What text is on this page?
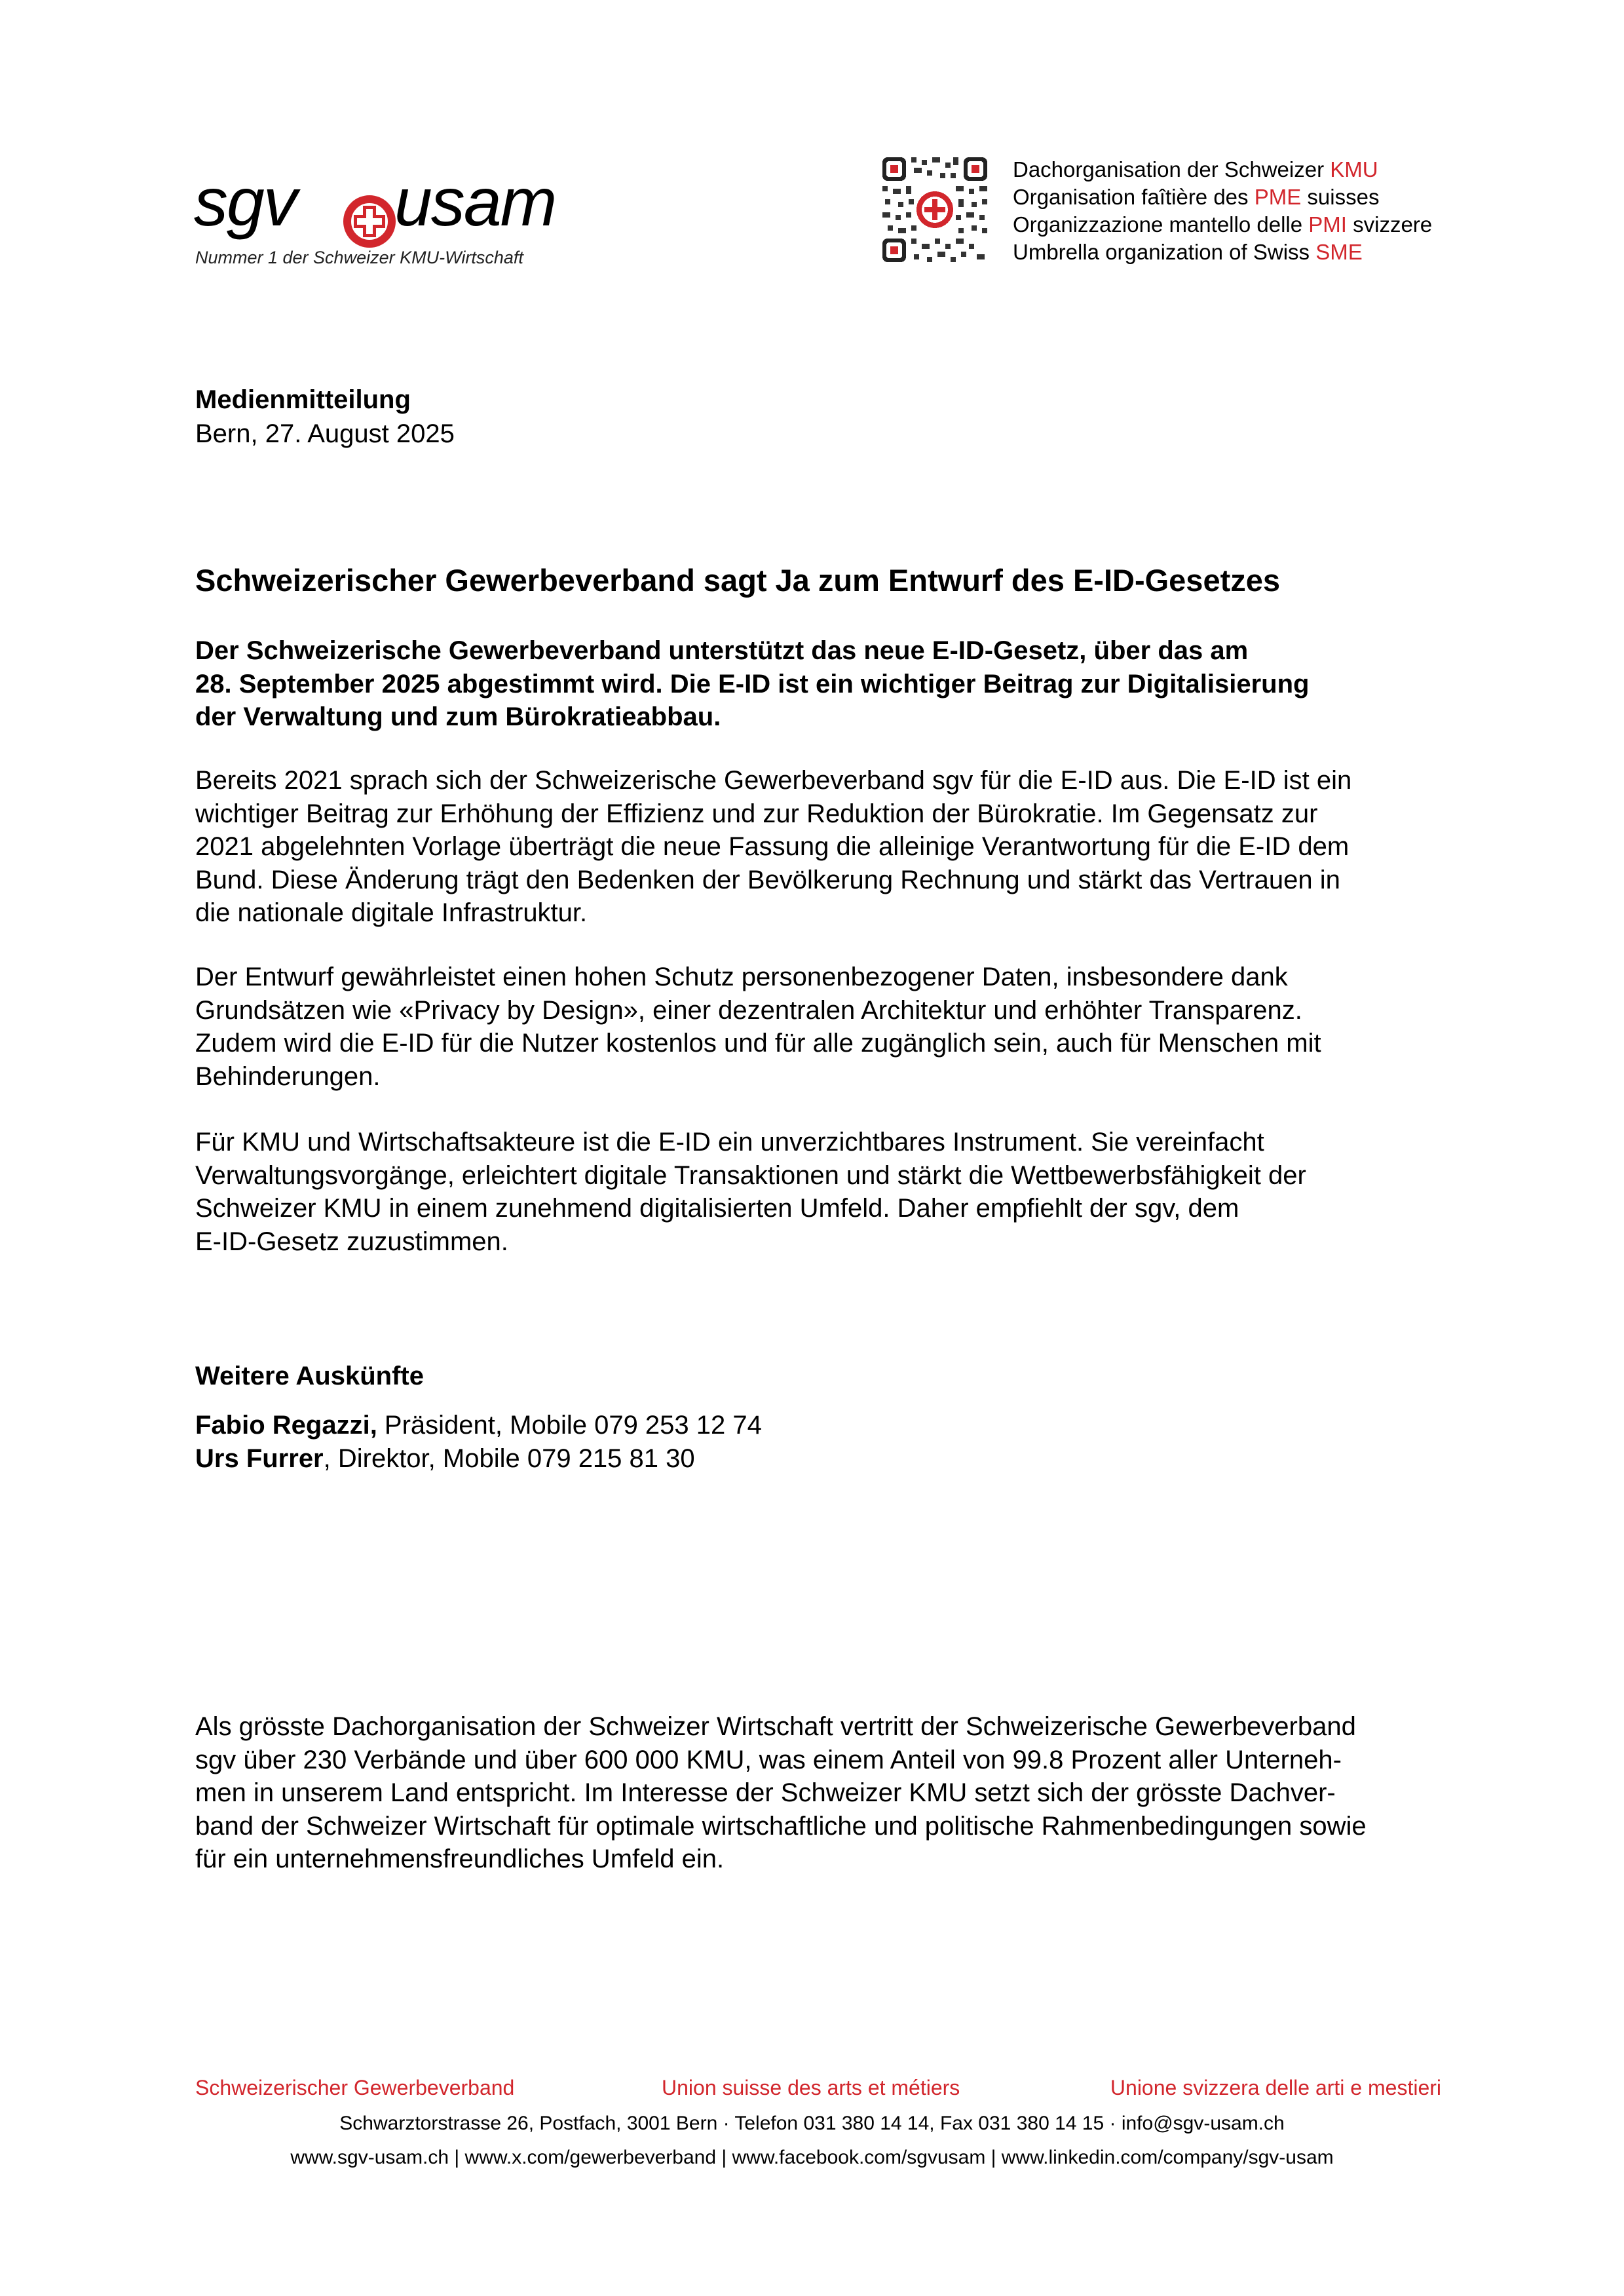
sgv usam
Nummer 1 der Schweizer KMU-Wirtschaft
Dachorganisation der Schweizer KMU
Organisation faîtière des PME suisses
Organizzazione mantello delle PMI svizzere
Umbrella organization of Swiss SME
Medienmitteilung
Bern, 27. August 2025
Schweizerischer Gewerbeverband sagt Ja zum Entwurf des E-ID-Gesetzes

Der Schweizerische Gewerbeverband unterstützt das neue E-ID-Gesetz, über das am
28. September 2025 abgestimmt wird. Die E-ID ist ein wichtiger Beitrag zur Digitalisierung
der Verwaltung und zum Bürokratieabbau.

Bereits 2021 sprach sich der Schweizerische Gewerbeverband sgv für die E-ID aus. Die E-ID ist ein
wichtiger Beitrag zur Erhöhung der Effizienz und zur Reduktion der Bürokratie. Im Gegensatz zur
2021 abgelehnten Vorlage überträgt die neue Fassung die alleinige Verantwortung für die E-ID dem
Bund. Diese Änderung trägt den Bedenken der Bevölkerung Rechnung und stärkt das Vertrauen in
die nationale digitale Infrastruktur.

Der Entwurf gewährleistet einen hohen Schutz personenbezogener Daten, insbesondere dank
Grundsätzen wie «Privacy by Design», einer dezentralen Architektur und erhöhter Transparenz.
Zudem wird die E-ID für die Nutzer kostenlos und für alle zugänglich sein, auch für Menschen mit
Behinderungen.

Für KMU und Wirtschaftsakteure ist die E-ID ein unverzichtbares Instrument. Sie vereinfacht
Verwaltungsvorgänge, erleichtert digitale Transaktionen und stärkt die Wettbewerbsfähigkeit der
Schweizer KMU in einem zunehmend digitalisierten Umfeld. Daher empfiehlt der sgv, dem
E-ID-Gesetz zuzustimmen.

Weitere Auskünfte
Fabio Regazzi, Präsident, Mobile 079 253 12 74
Urs Furrer, Direktor, Mobile 079 215 81 30

Als grösste Dachorganisation der Schweizer Wirtschaft vertritt der Schweizerische Gewerbeverband
sgv über 230 Verbände und über 600 000 KMU, was einem Anteil von 99.8 Prozent aller Unterneh-
men in unserem Land entspricht. Im Interesse der Schweizer KMU setzt sich der grösste Dachver-
band der Schweizer Wirtschaft für optimale wirtschaftliche und politische Rahmenbedingungen sowie
für ein unternehmensfreundliches Umfeld ein.

Schweizerischer Gewerbeverband	Union suisse des arts et métiers	Unione svizzera delle arti e mestieri
Schwarztorstrasse 26, Postfach, 3001 Bern · Telefon 031 380 14 14, Fax 031 380 14 15 · info@sgv-usam.ch
www.sgv-usam.ch | www.x.com/gewerbeverband | www.facebook.com/sgvusam | www.linkedin.com/company/sgv-usam
